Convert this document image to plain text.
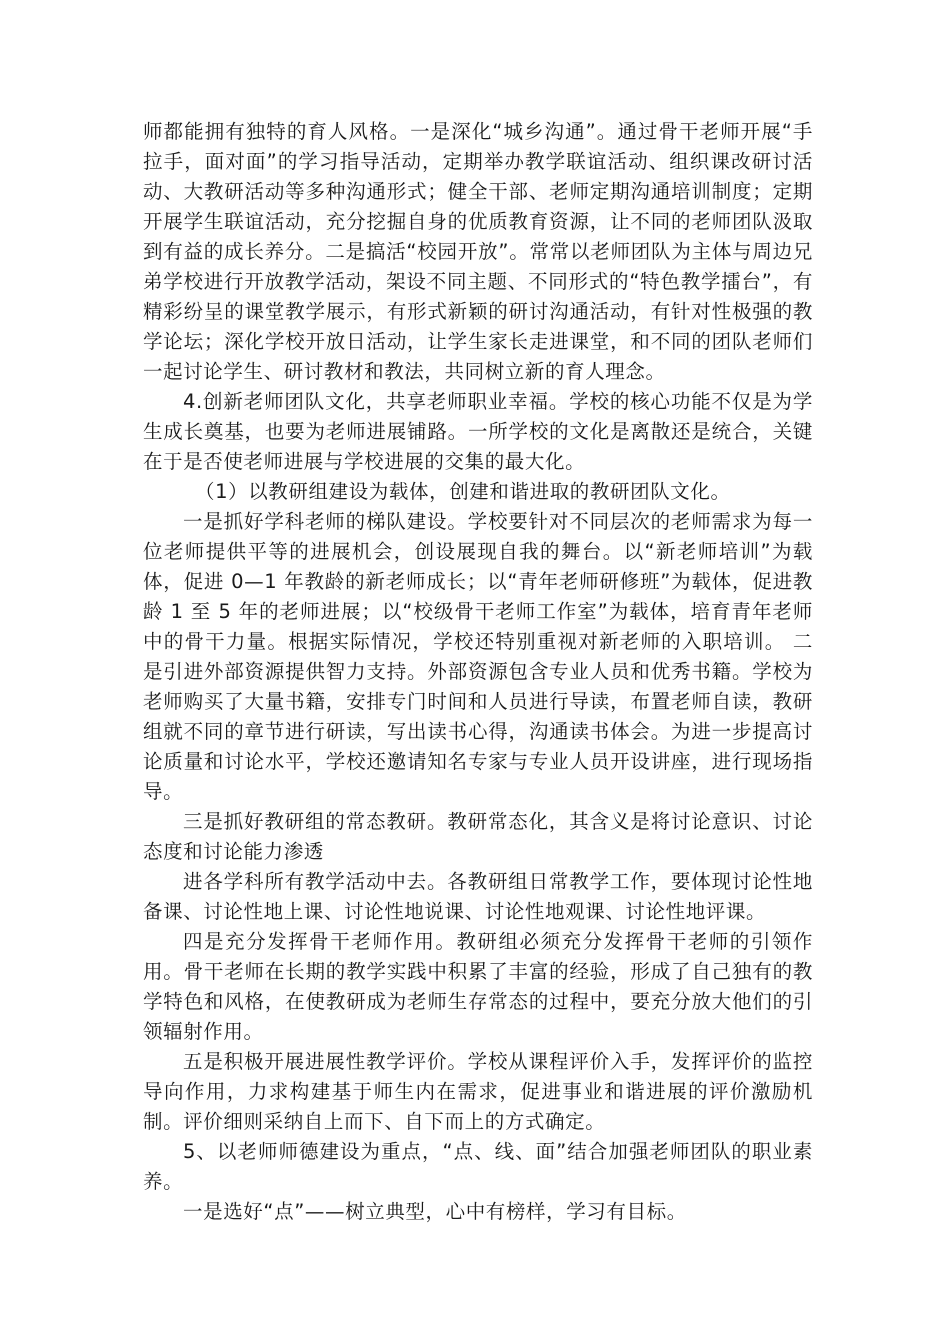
师都能拥有独特的育人风格。一是深化“城乡沟通”。通过骨干老师开展“手拉手，面对面”的学习指导活动，定期举办教学联谊活动、组织课改研讨活动、大教研活动等多种沟通形式；健全干部、老师定期沟通培训制度；定期开展学生联谊活动，充分挖掘自身的优质教育资源，让不同的老师团队汲取到有益的成长养分。二是搞活“校园开放”。常常以老师团队为主体与周边兄弟学校进行开放教学活动，架设不同主题、不同形式的“特色教学擂台”，有精彩纷呈的课堂教学展示，有形式新颖的研讨沟通活动，有针对性极强的教学论坛；深化学校开放日活动，让学生家长走进课堂，和不同的团队老师们一起讨论学生、研讨教材和教法，共同树立新的育人理念。

4.创新老师团队文化，共享老师职业幸福。学校的核心功能不仅是为学生成长奠基，也要为老师进展铺路。一所学校的文化是离散还是统合，关键在于是否使老师进展与学校进展的交集的最大化。

（1）以教研组建设为载体，创建和谐进取的教研团队文化。

一是抓好学科老师的梯队建设。学校要针对不同层次的老师需求为每一位老师提供平等的进展机会，创设展现自我的舞台。以“新老师培训”为载体，促进 0—1 年教龄的新老师成长；以“青年老师研修班”为载体，促进教龄 1 至 5 年的老师进展；以“校级骨干老师工作室”为载体，培育青年老师中的骨干力量。根据实际情况，学校还特别重视对新老师的入职培训。 二是引进外部资源提供智力支持。外部资源包含专业人员和优秀书籍。学校为老师购买了大量书籍，安排专门时间和人员进行导读，布置老师自读，教研组就不同的章节进行研读，写出读书心得，沟通读书体会。为进一步提高讨论质量和讨论水平，学校还邀请知名专家与专业人员开设讲座，进行现场指导。

三是抓好教研组的常态教研。教研常态化，其含义是将讨论意识、讨论态度和讨论能力渗透

进各学科所有教学活动中去。各教研组日常教学工作，要体现讨论性地备课、讨论性地上课、讨论性地说课、讨论性地观课、讨论性地评课。

四是充分发挥骨干老师作用。教研组必须充分发挥骨干老师的引领作用。骨干老师在长期的教学实践中积累了丰富的经验，形成了自己独有的教学特色和风格，在使教研成为老师生存常态的过程中，要充分放大他们的引领辐射作用。

五是积极开展进展性教学评价。学校从课程评价入手，发挥评价的监控导向作用，力求构建基于师生内在需求，促进事业和谐进展的评价激励机制。评价细则采纳自上而下、自下而上的方式确定。

5、以老师师德建设为重点，“点、线、面”结合加强老师团队的职业素养。

一是选好“点”——树立典型，心中有榜样，学习有目标。
